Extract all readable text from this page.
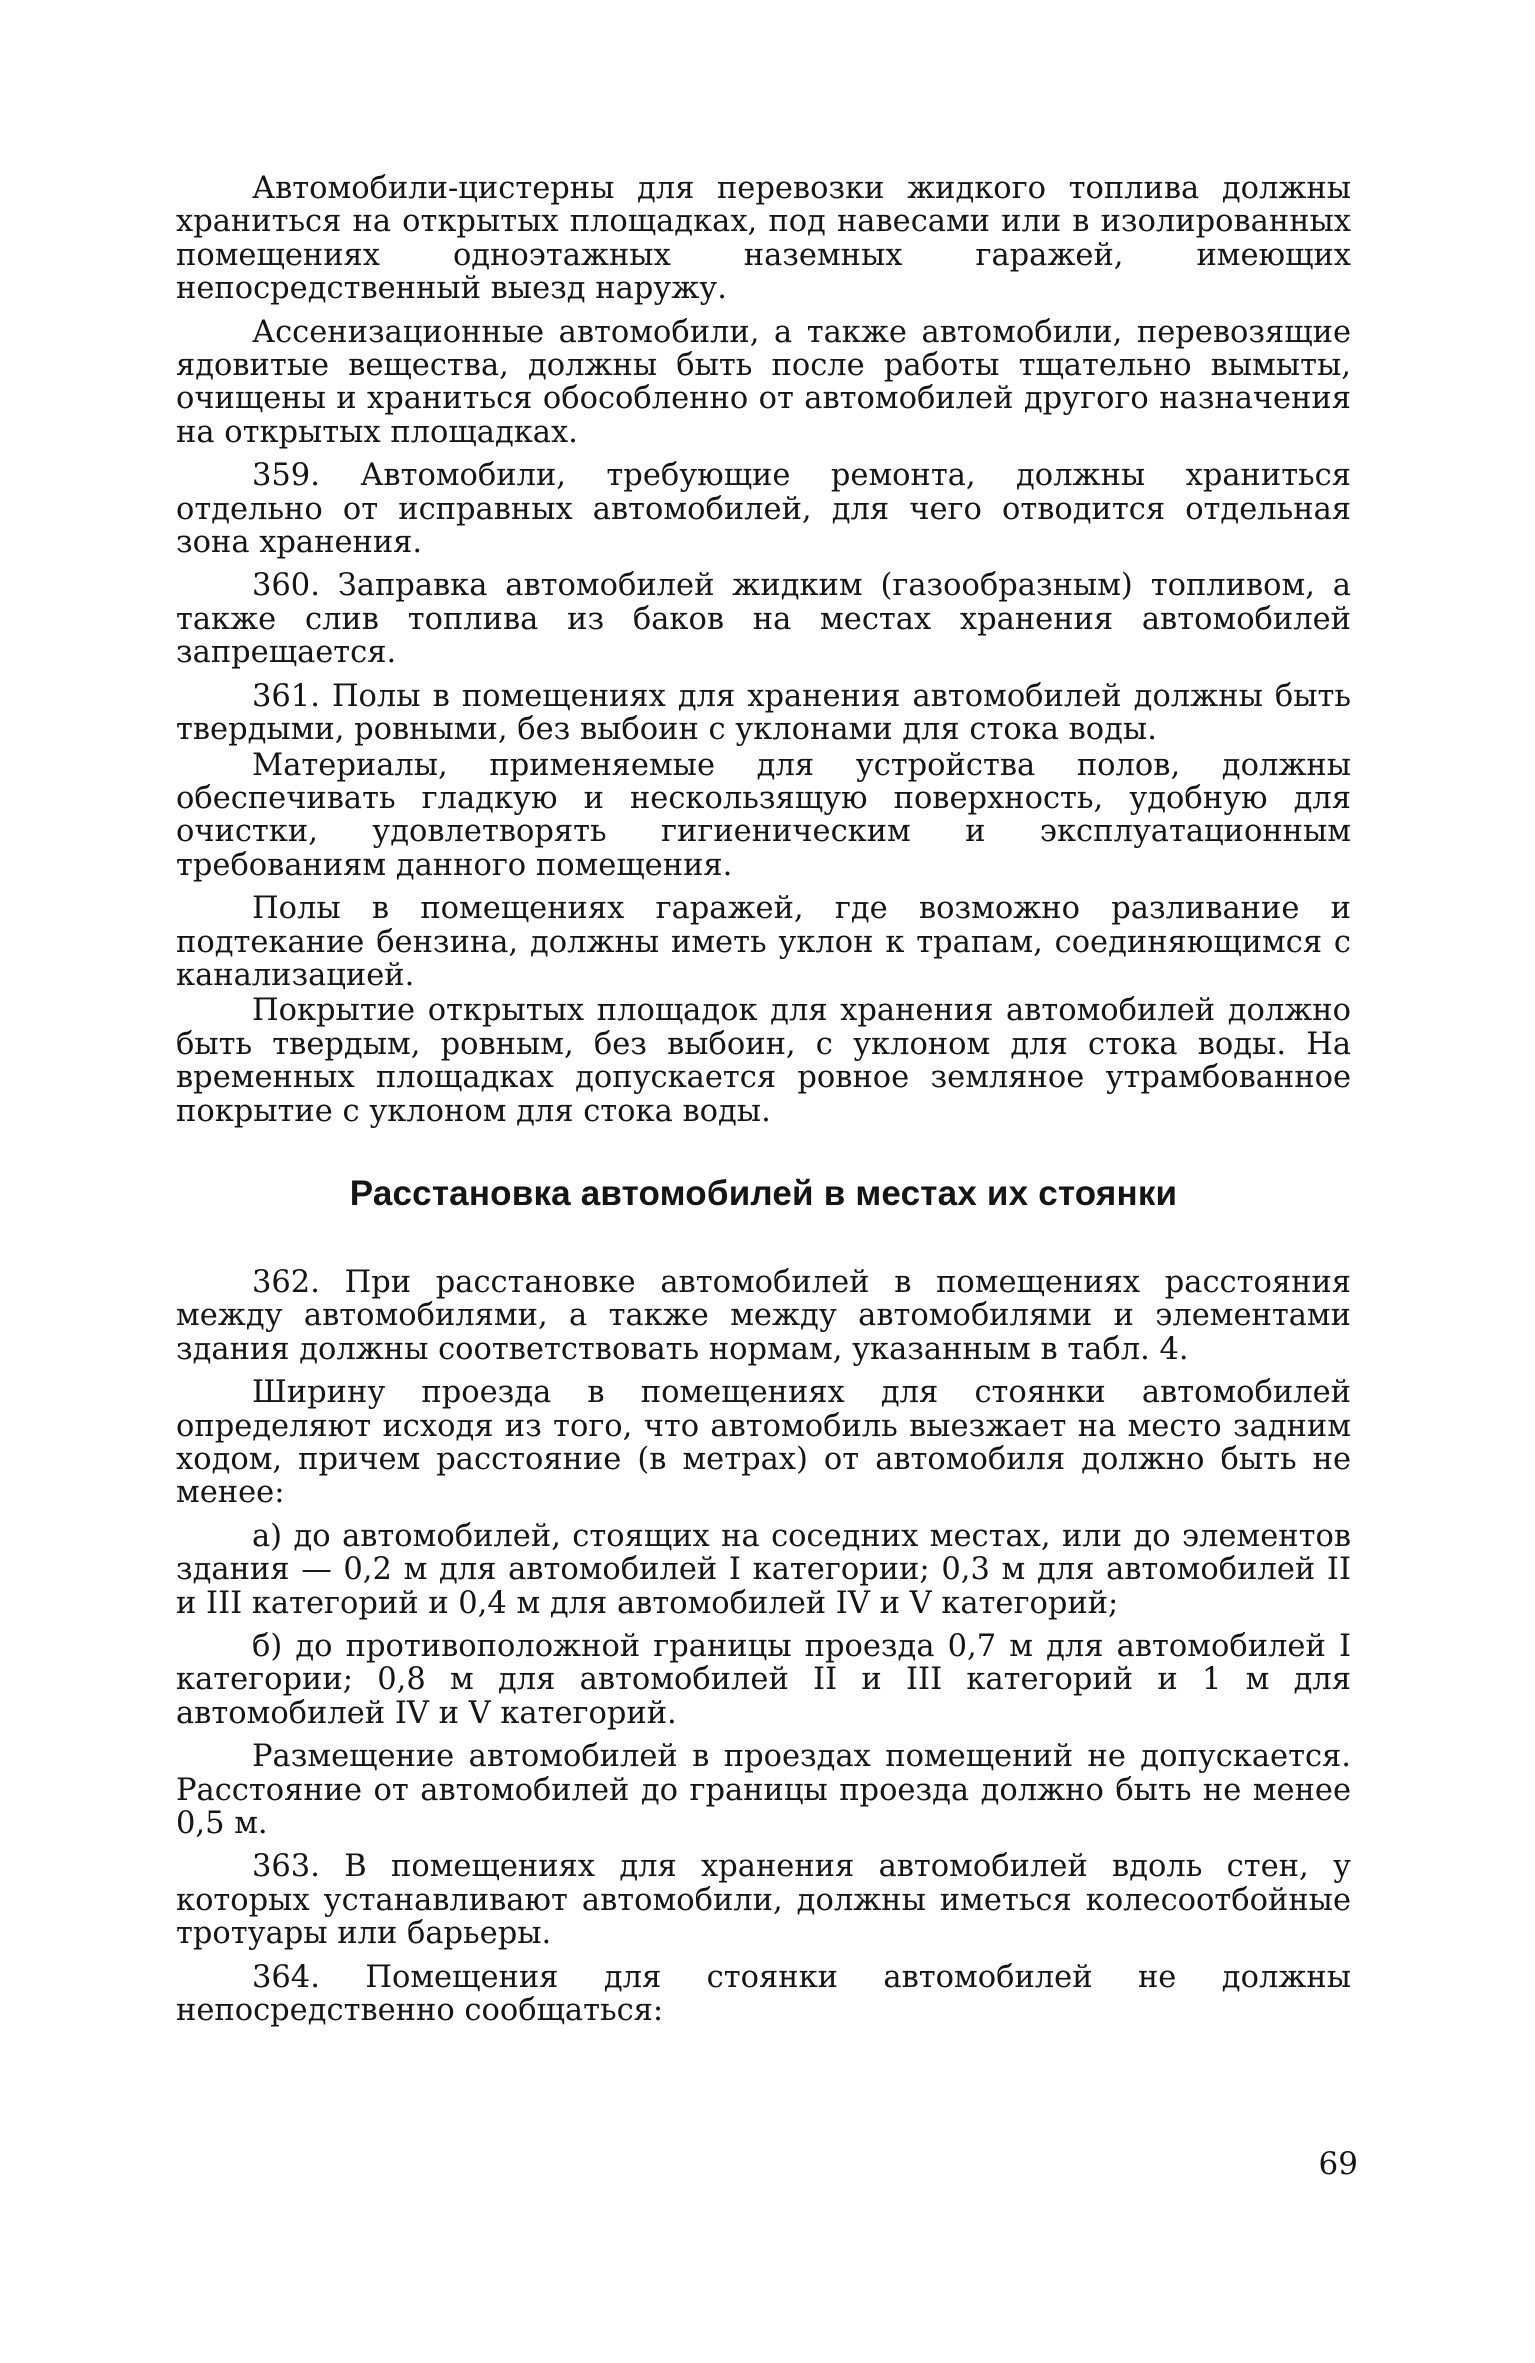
Автомобили-цистерны для перевозки жидкого топлива должны храниться на открытых площадках, под навесами или в изолированных помещениях одноэтажных наземных гаражей, имеющих непосредственный выезд наружу.

Ассенизационные автомобили, а также автомобили, перевозящие ядовитые вещества, должны быть после работы тщательно вымыты, очищены и храниться обособленно от автомобилей другого назначения на открытых площадках.

359. Автомобили, требующие ремонта, должны храниться отдельно от исправных автомобилей, для чего отводится отдельная зона хранения.

360. Заправка автомобилей жидким (газообразным) топливом, а также слив топлива из баков на местах хранения автомобилей запрещается.

361. Полы в помещениях для хранения автомобилей должны быть твердыми, ровными, без выбоин с уклонами для стока воды.

Материалы, применяемые для устройства полов, должны обеспечивать гладкую и нескользящую поверхность, удобную для очистки, удовлетворять гигиеническим и эксплуатационным требованиям данного помещения.

Полы в помещениях гаражей, где возможно разливание и подтекание бензина, должны иметь уклон к трапам, соединяющимся с канализацией.

Покрытие открытых площадок для хранения автомобилей должно быть твердым, ровным, без выбоин, с уклоном для стока воды. На временных площадках допускается ровное земляное утрамбованное покрытие с уклоном для стока воды.

Расстановка автомобилей в местах их стоянки

362. При расстановке автомобилей в помещениях расстояния между автомобилями, а также между автомобилями и элементами здания должны соответствовать нормам, указанным в табл. 4.

Ширину проезда в помещениях для стоянки автомобилей определяют исходя из того, что автомобиль выезжает на место задним ходом, причем расстояние (в метрах) от автомобиля должно быть не менее:

а) до автомобилей, стоящих на соседних местах, или до элементов здания — 0,2 м для автомобилей I категории; 0,3 м для автомобилей II и III категорий и 0,4 м для автомобилей IV и V категорий;

б) до противоположной границы проезда 0,7 м для автомобилей I категории; 0,8 м для автомобилей II и III категорий и 1 м для автомобилей IV и V категорий.

Размещение автомобилей в проездах помещений не допускается. Расстояние от автомобилей до границы проезда должно быть не менее 0,5 м.

363. В помещениях для хранения автомобилей вдоль стен, у которых устанавливают автомобили, должны иметься колесоотбойные тротуары или барьеры.

364. Помещения для стоянки автомобилей не должны непосредственно сообщаться:

69
